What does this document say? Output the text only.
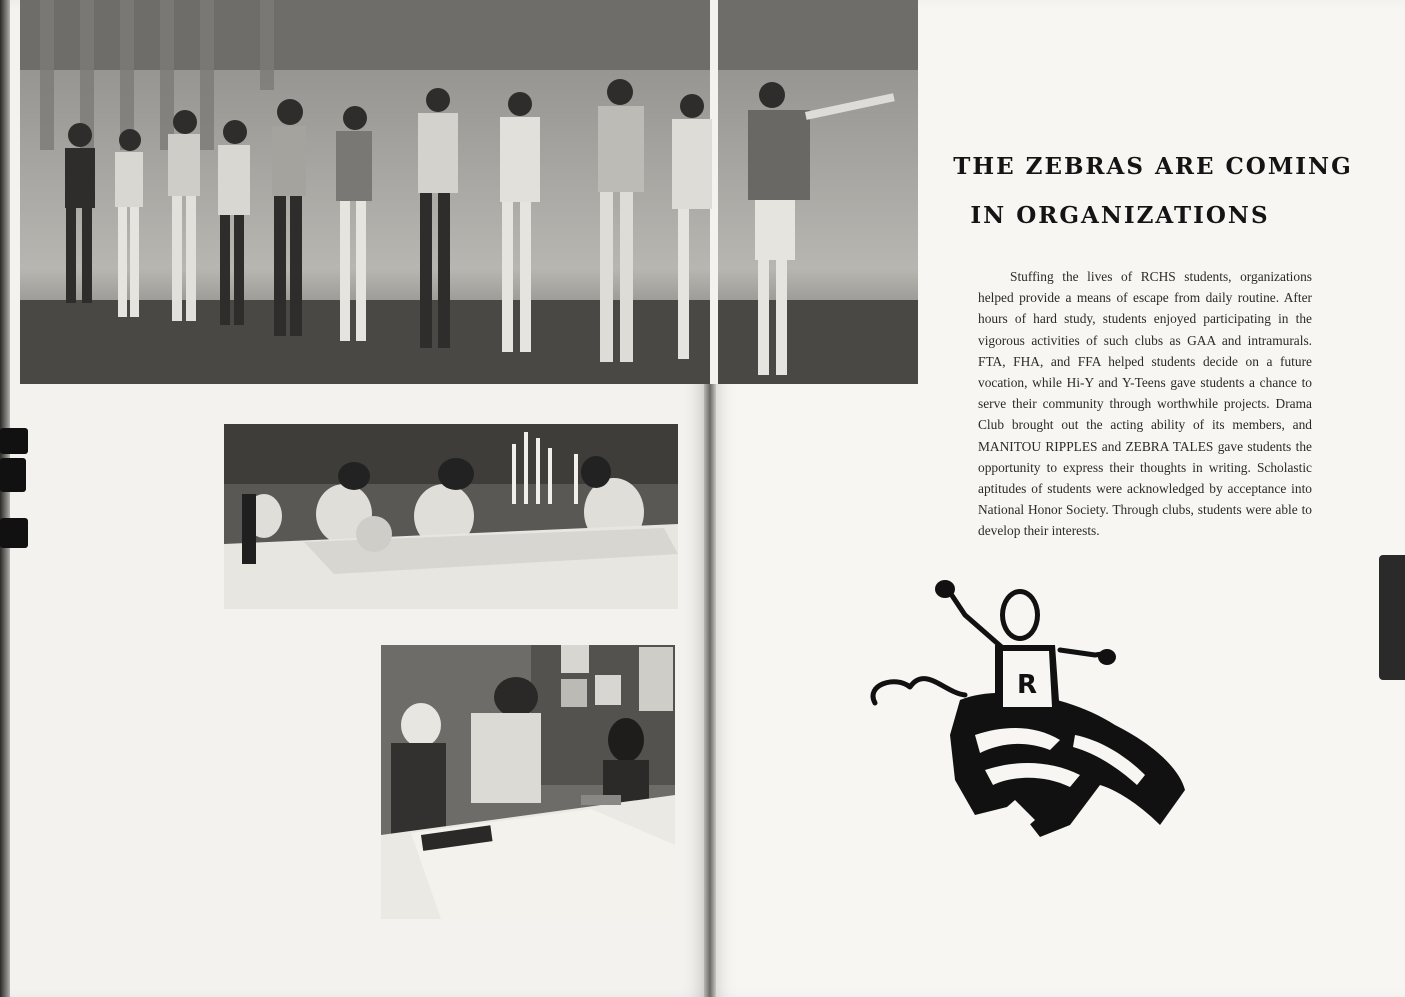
THE ZEBRAS ARE COMING
IN ORGANIZATIONS

Stuffing the lives of RCHS students, organizations helped provide a means of escape from daily routine. After hours of hard study, students enjoyed participating in the vigorous activities of such clubs as GAA and intramurals. FTA, FHA, and FFA helped students decide on a future vocation, while Hi-Y and Y-Teens gave students a chance to serve their community through worthwhile projects. Drama Club brought out the acting ability of its members, and MANITOU RIPPLES and ZEBRA TALES gave students the opportunity to express their thoughts in writing. Scholastic aptitudes of students were acknowledged by acceptance into National Honor Society. Through clubs, students were able to develop their interests.

R
